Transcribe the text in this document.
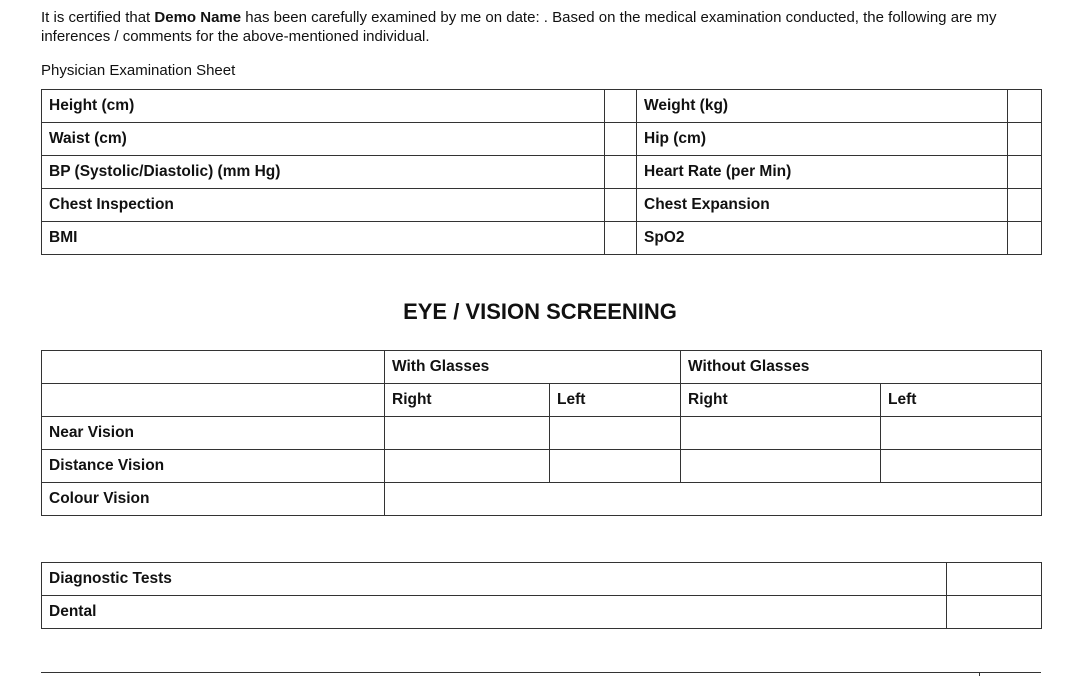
It is certified that Demo Name has been carefully examined by me on date: . Based on the medical examination conducted, the following are my inferences / comments for the above-mentioned individual.

Physician Examination Sheet

Height (cm)		Weight (kg)	
Waist (cm)		Hip (cm)	
BP (Systolic/Diastolic) (mm Hg)		Heart Rate (per Min)	
Chest Inspection		Chest Expansion	
BMI		SpO2	
EYE / VISION SCREENING
	With Glasses		Without Glasses	
	Right	Left	Right	Left
Near Vision				
Distance Vision				
Colour Vision				
Diagnostic Tests	
Dental	
